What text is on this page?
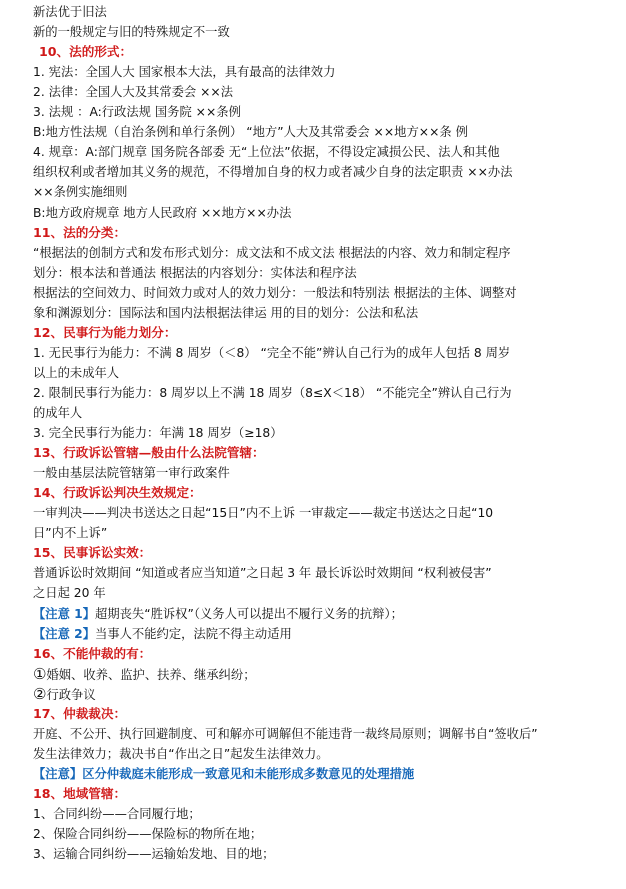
新法优于旧法
新的一般规定与旧的特殊规定不一致
10、法的形式：
1. 宪法：全国人大 国家根本大法，具有最高的法律效力
2. 法律：全国人大及其常委会 ××法
3. 法规 ：A:行政法规 国务院 ××条例
B:地方性法规（自治条例和单行条例） “地方”人大及其常委会 ××地方××条 例
4. 规章：A:部门规章 国务院各部委 无“上位法”依据，不得设定减损公民、法人和其他
组织权利或者增加其义务的规范，不得增加自身的权力或者减少自身的法定职责 ××办法
××条例实施细则
B:地方政府规章 地方人民政府 ××地方××办法
11、法的分类：
“根据法的创制方式和发布形式划分：成文法和不成文法 根据法的内容、效力和制定程序
划分：根本法和普通法 根据法的内容划分：实体法和程序法
根据法的空间效力、时间效力或对人的效力划分：一般法和特别法 根据法的主体、调整对
象和渊源划分：国际法和国内法根据法律运 用的目的划分：公法和私法
12、民事行为能力划分：
1. 无民事行为能力：不满 8 周岁（＜8） “完全不能”辨认自己行为的成年人包括 8 周岁
以上的未成年人
2. 限制民事行为能力：8 周岁以上不满 18 周岁（8≤X＜18） “不能完全”辨认自己行为
的成年人
3. 完全民事行为能力：年满 18 周岁（≥18）
13、行政诉讼管辖—般由什么法院管辖：
一般由基层法院管辖第一审行政案件
14、行政诉讼判决生效规定：
一审判决——判决书送达之日起“15日”内不上诉 一审裁定——裁定书送达之日起“10
日”内不上诉”
15、民事诉讼实效：
普通诉讼时效期间 “知道或者应当知道”之日起 3 年 最长诉讼时效期间 “权利被侵害”
之日起 20 年
【注意 1】超期丧失“胜诉权”（义务人可以提出不履行义务的抗辩）；
【注意 2】当事人不能约定，法院不得主动适用
16、不能仲裁的有：
①婚姻、收养、监护、扶养、继承纠纷；
②行政争议
17、仲裁裁决：
开庭、不公开、执行回避制度、可和解亦可调解但不能违背一裁终局原则；调解书自“签收后”
发生法律效力；裁决书自“作出之日”起发生法律效力。
【注意】区分仲裁庭未能形成一致意见和未能形成多数意见的处理措施
18、地域管辖：
1、合同纠纷——合同履行地；
2、保险合同纠纷——保险标的物所在地；
3、运输合同纠纷——运输始发地、目的地；
